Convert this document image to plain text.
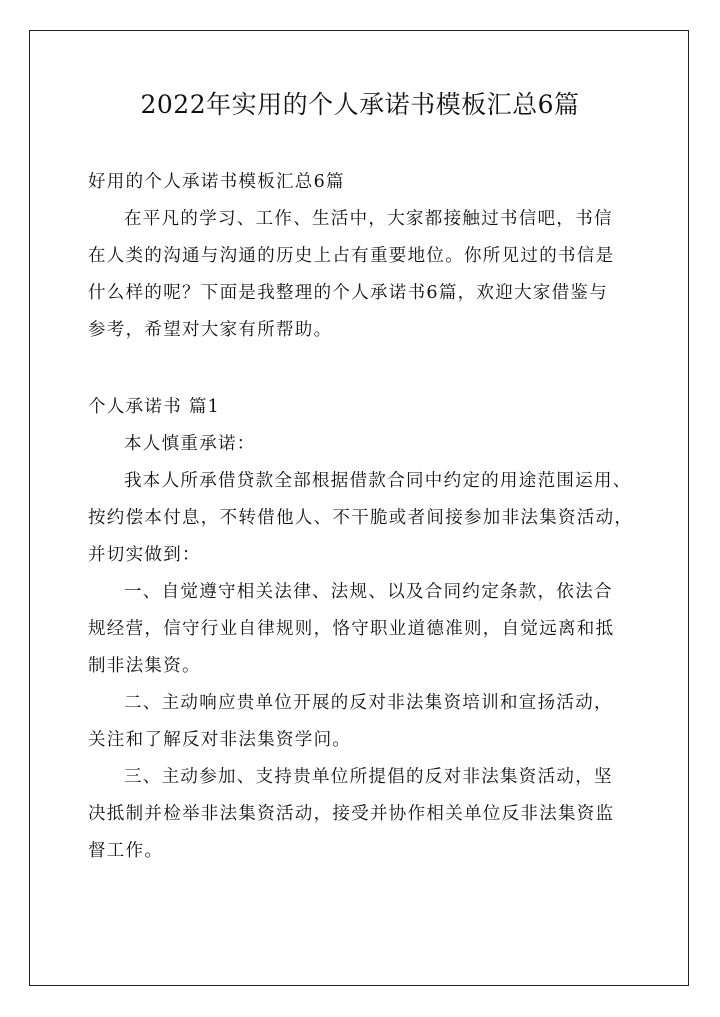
2022年实用的个人承诺书模板汇总6篇
好用的个人承诺书模板汇总6篇
在平凡的学习、工作、生活中，大家都接触过书信吧，书信
在人类的沟通与沟通的历史上占有重要地位。你所见过的书信是
什么样的呢？下面是我整理的个人承诺书6篇，欢迎大家借鉴与
参考，希望对大家有所帮助。
个人承诺书 篇1
本人慎重承诺：
我本人所承借贷款全部根据借款合同中约定的用途范围运用、
按约偿本付息，不转借他人、不干脆或者间接参加非法集资活动，
并切实做到：
一、自觉遵守相关法律、法规、以及合同约定条款，依法合
规经营，信守行业自律规则，恪守职业道德准则，自觉远离和抵
制非法集资。
二、主动响应贵单位开展的反对非法集资培训和宣扬活动，
关注和了解反对非法集资学问。
三、主动参加、支持贵单位所提倡的反对非法集资活动，坚
决抵制并检举非法集资活动，接受并协作相关单位反非法集资监
督工作。
